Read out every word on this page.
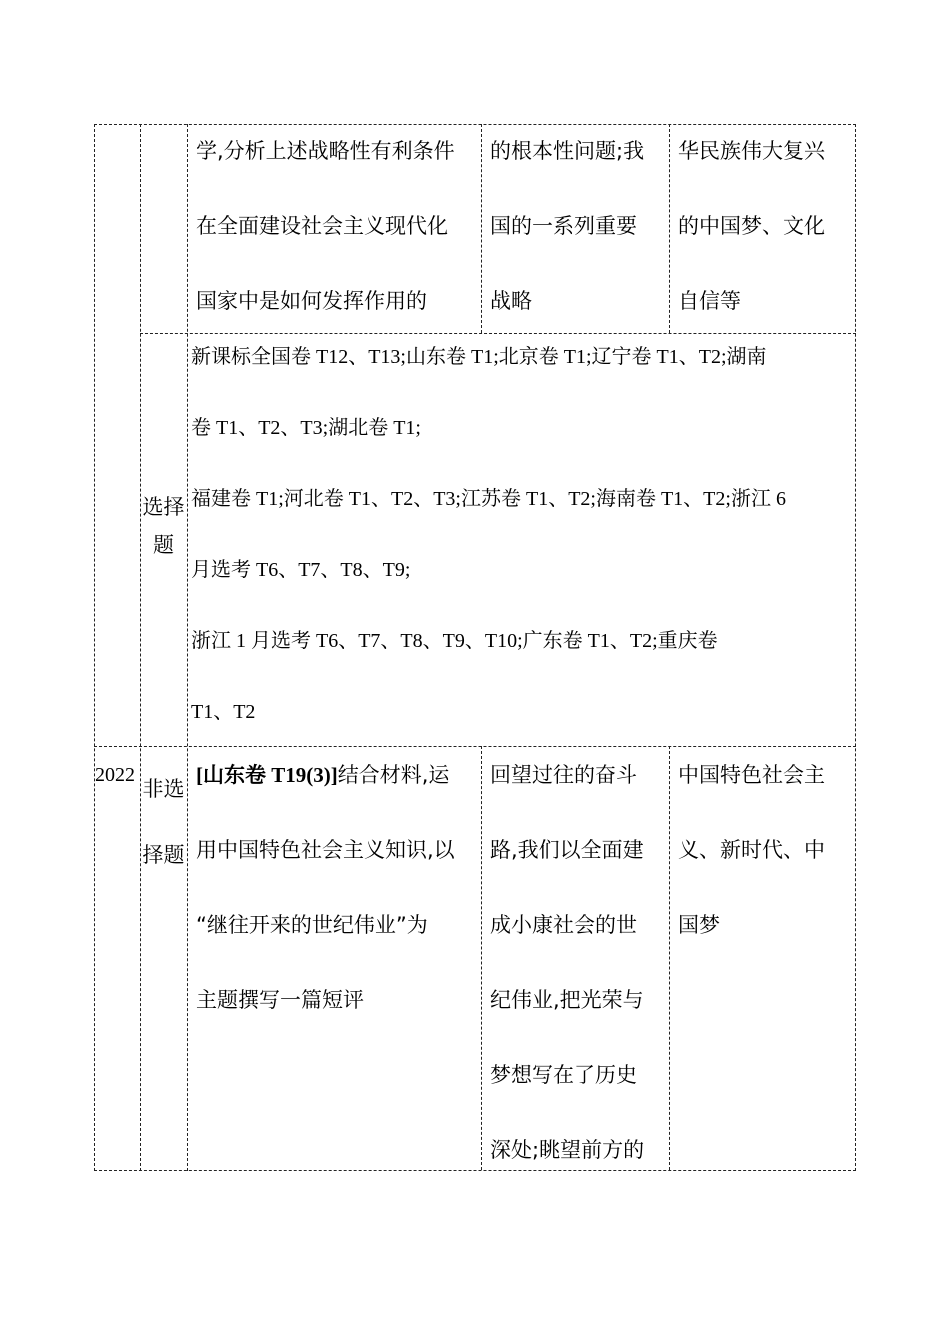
学,分析上述战略性有利条件
在全面建设社会主义现代化
国家中是如何发挥作用的
的根本性问题;我
国的一系列重要
战略
华民族伟大复兴
的中国梦、文化
自信等
选择
题
新课标全国卷 T12、T13;山东卷 T1;北京卷 T1;辽宁卷 T1、T2;湖南
卷 T1、T2、T3;湖北卷 T1;
福建卷 T1;河北卷 T1、T2、T3;江苏卷 T1、T2;海南卷 T1、T2;浙江 6
月选考 T6、T7、T8、T9;
浙江 1 月选考 T6、T7、T8、T9、T10;广东卷 T1、T2;重庆卷
T1、T2
2022
非选
择题
[山东卷 T19(3)]结合材料,运
用中国特色社会主义知识,以
“继往开来的世纪伟业”为
主题撰写一篇短评
回望过往的奋斗
路,我们以全面建
成小康社会的世
纪伟业,把光荣与
梦想写在了历史
深处;眺望前方的
中国特色社会主
义、新时代、中
国梦
